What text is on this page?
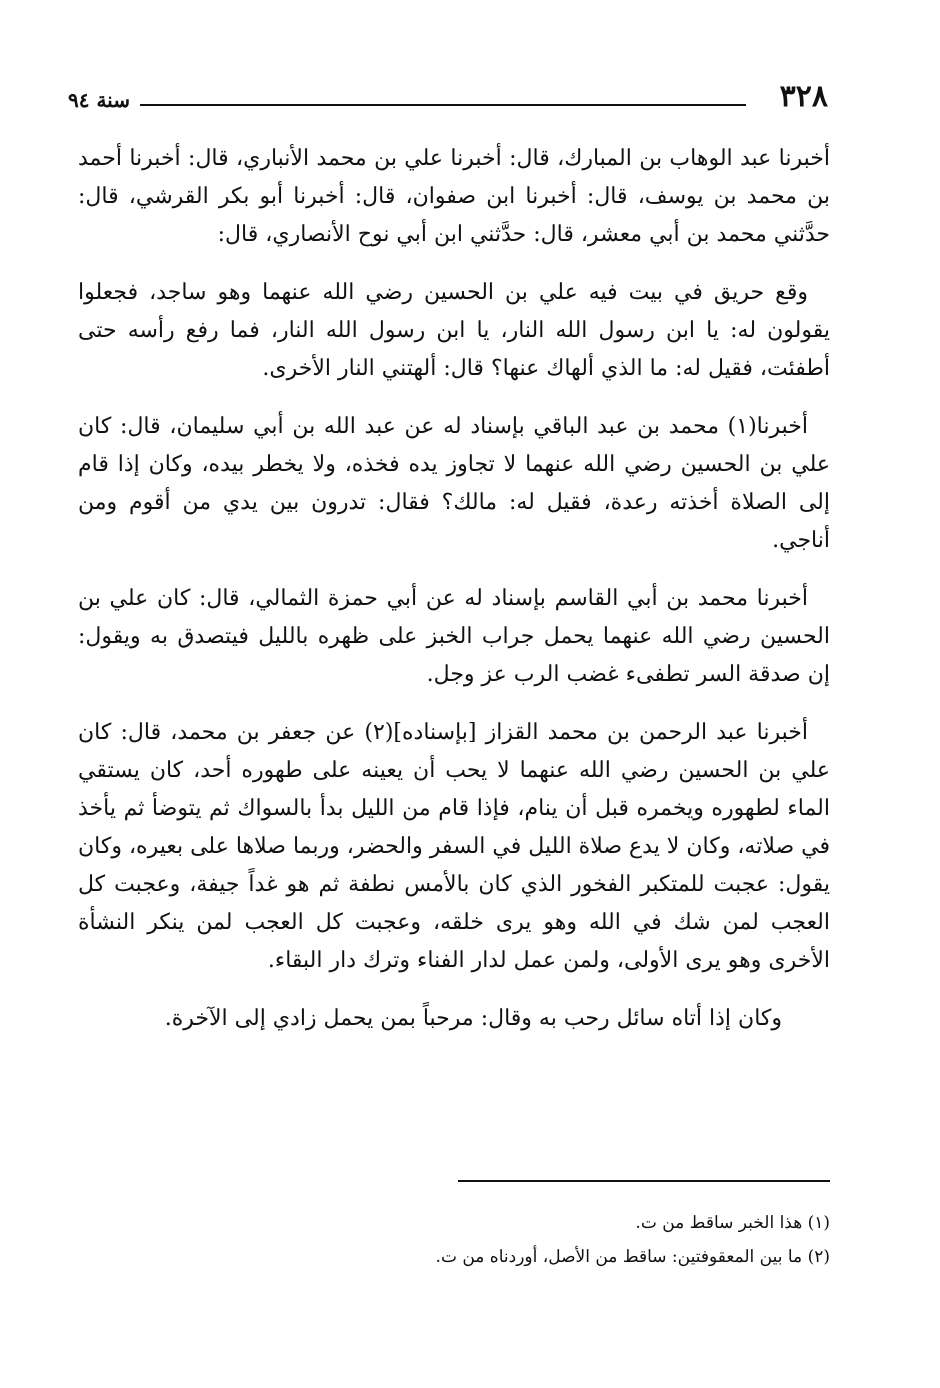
٣٢٨
سنة ٩٤

أخبرنا عبد الوهاب بن المبارك، قال: أخبرنا علي بن محمد الأنباري، قال: أخبرنا أحمد بن محمد بن يوسف، قال: أخبرنا ابن صفوان، قال: أخبرنا أبو بكر القرشي، قال: حدَّثني محمد بن أبي معشر، قال: حدَّثني ابن أبي نوح الأنصاري، قال:

وقع حريق في بيت فيه علي بن الحسين رضي الله عنهما وهو ساجد، فجعلوا يقولون له: يا ابن رسول الله النار، يا ابن رسول الله النار، فما رفع رأسه حتى أطفئت، فقيل له: ما الذي ألهاك عنها؟ قال: ألهتني النار الأخرى.

أخبرنا(١) محمد بن عبد الباقي بإسناد له عن عبد الله بن أبي سليمان، قال: كان علي بن الحسين رضي الله عنهما لا تجاوز يده فخذه، ولا يخطر بيده، وكان إذا قام إلى الصلاة أخذته رعدة، فقيل له: مالك؟ فقال: تدرون بين يدي من أقوم ومن أناجي.

أخبرنا محمد بن أبي القاسم بإسناد له عن أبي حمزة الثمالي، قال: كان علي بن الحسين رضي الله عنهما يحمل جراب الخبز على ظهره بالليل فيتصدق به ويقول: إن صدقة السر تطفىء غضب الرب عز وجل.

أخبرنا عبد الرحمن بن محمد القزاز [بإسناده](٢) عن جعفر بن محمد، قال: كان علي بن الحسين رضي الله عنهما لا يحب أن يعينه على طهوره أحد، كان يستقي الماء لطهوره ويخمره قبل أن ينام، فإذا قام من الليل بدأ بالسواك ثم يتوضأ ثم يأخذ في صلاته، وكان لا يدع صلاة الليل في السفر والحضر، وربما صلاها على بعيره، وكان يقول: عجبت للمتكبر الفخور الذي كان بالأمس نطفة ثم هو غداً جيفة، وعجبت كل العجب لمن شك في الله وهو يرى خلقه، وعجبت كل العجب لمن ينكر النشأة الأخرى وهو يرى الأولى، ولمن عمل لدار الفناء وترك دار البقاء.

وكان إذا أتاه سائل رحب به وقال: مرحباً بمن يحمل زادي إلى الآخرة.

(١) هذا الخبر ساقط من ت.

(٢) ما بين المعقوفتين: ساقط من الأصل، أوردناه من ت.
